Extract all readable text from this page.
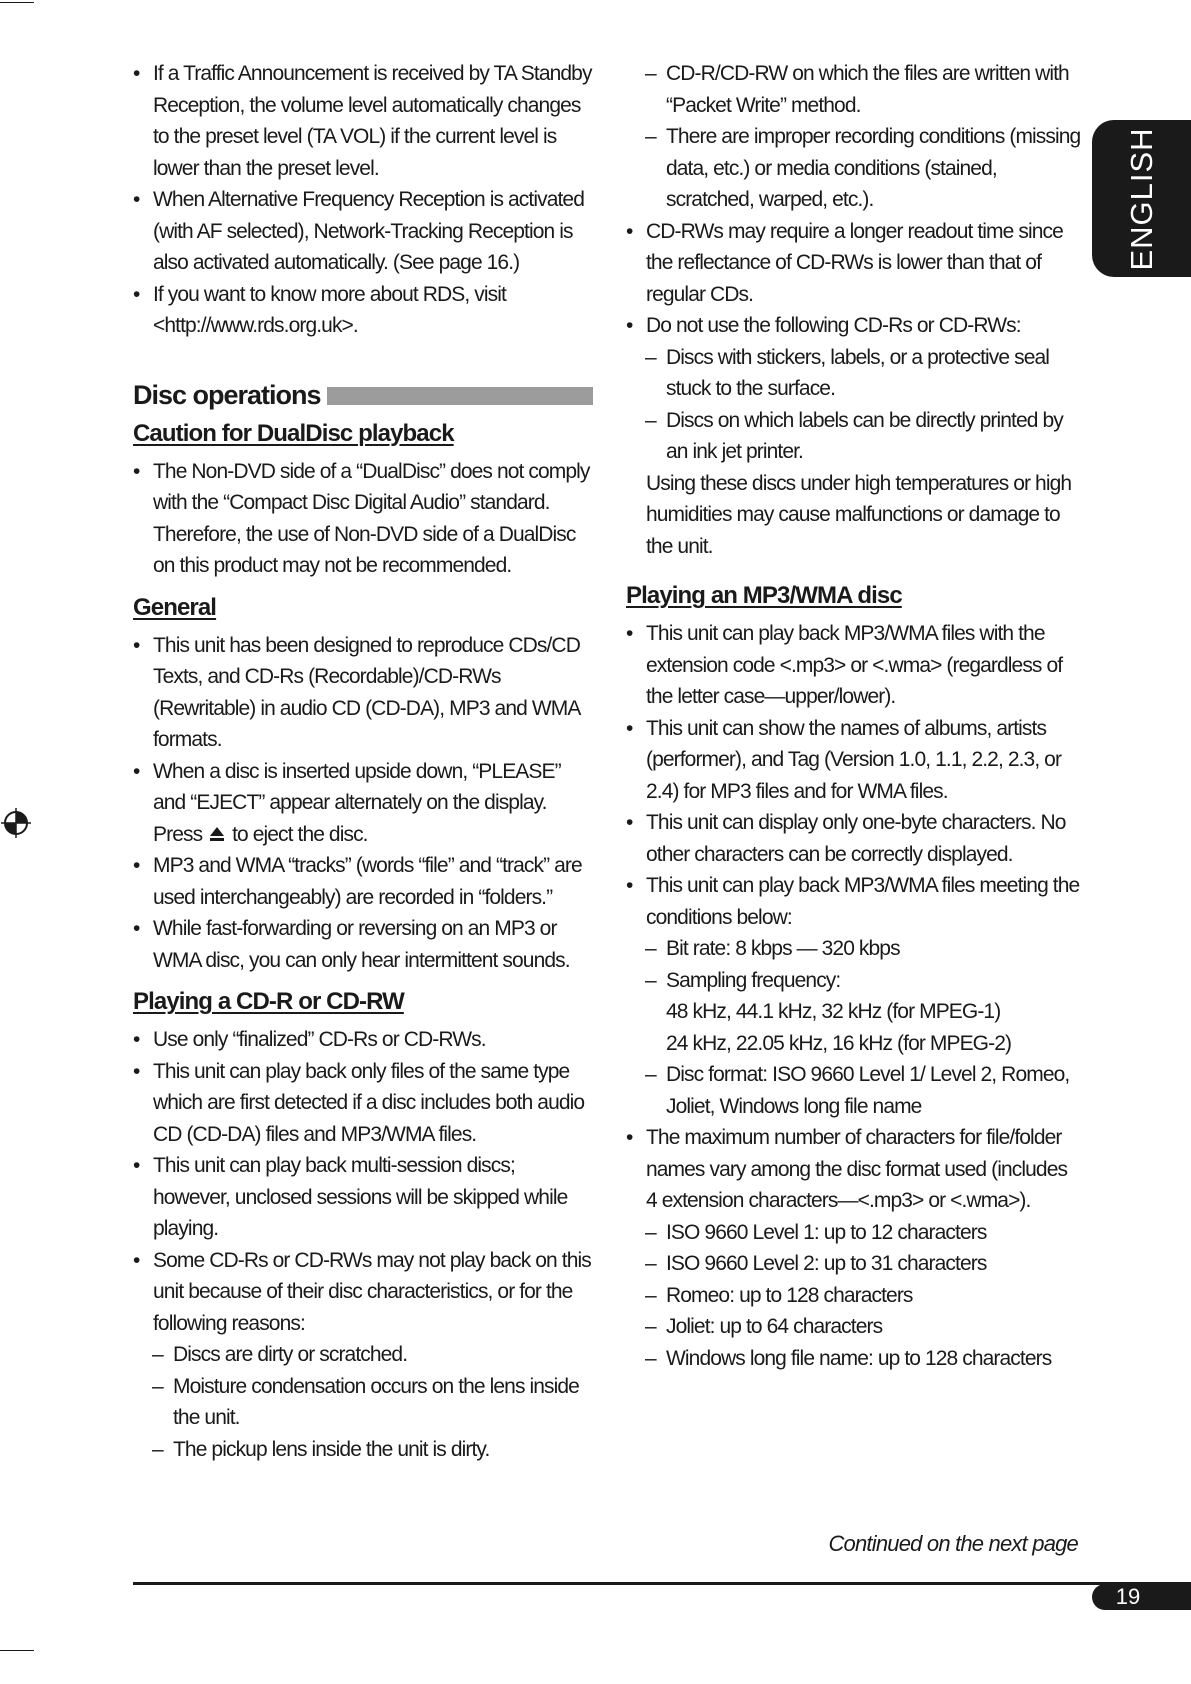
• If a Traffic Announcement is received by TA Standby Reception, the volume level automatically changes to the preset level (TA VOL) if the current level is lower than the preset level.
• When Alternative Frequency Reception is activated (with AF selected), Network-Tracking Reception is also activated automatically. (See page 16.)
• If you want to know more about RDS, visit <http://www.rds.org.uk>.
Disc operations
Caution for DualDisc playback
• The Non-DVD side of a “DualDisc” does not comply with the “Compact Disc Digital Audio” standard. Therefore, the use of Non-DVD side of a DualDisc on this product may not be recommended.
General
• This unit has been designed to reproduce CDs/CD Texts, and CD-Rs (Recordable)/CD-RWs (Rewritable) in audio CD (CD-DA), MP3 and WMA formats.
• When a disc is inserted upside down, “PLEASE” and “EJECT” appear alternately on the display. Press to eject the disc.
• MP3 and WMA “tracks” (words “file” and “track” are used interchangeably) are recorded in “folders.”
• While fast-forwarding or reversing on an MP3 or WMA disc, you can only hear intermittent sounds.
Playing a CD-R or CD-RW
• Use only “finalized” CD-Rs or CD-RWs.
• This unit can play back only files of the same type which are first detected if a disc includes both audio CD (CD-DA) files and MP3/WMA files.
• This unit can play back multi-session discs; however, unclosed sessions will be skipped while playing.
• Some CD-Rs or CD-RWs may not play back on this unit because of their disc characteristics, or for the following reasons:
– Discs are dirty or scratched.
– Moisture condensation occurs on the lens inside the unit.
– The pickup lens inside the unit is dirty.
– CD-R/CD-RW on which the files are written with “Packet Write” method.
– There are improper recording conditions (missing data, etc.) or media conditions (stained, scratched, warped, etc.).
• CD-RWs may require a longer readout time since the reflectance of CD-RWs is lower than that of regular CDs.
• Do not use the following CD-Rs or CD-RWs:
– Discs with stickers, labels, or a protective seal stuck to the surface.
– Discs on which labels can be directly printed by an ink jet printer.
Using these discs under high temperatures or high humidities may cause malfunctions or damage to the unit.
Playing an MP3/WMA disc
• This unit can play back MP3/WMA files with the extension code <.mp3> or <.wma> (regardless of the letter case—upper/lower).
• This unit can show the names of albums, artists (performer), and Tag (Version 1.0, 1.1, 2.2, 2.3, or 2.4) for MP3 files and for WMA files.
• This unit can display only one-byte characters. No other characters can be correctly displayed.
• This unit can play back MP3/WMA files meeting the conditions below:
– Bit rate: 8 kbps — 320 kbps
– Sampling frequency:
48 kHz, 44.1 kHz, 32 kHz (for MPEG-1)
24 kHz, 22.05 kHz, 16 kHz (for MPEG-2)
– Disc format: ISO 9660 Level 1/ Level 2, Romeo, Joliet, Windows long file name
• The maximum number of characters for file/folder names vary among the disc format used (includes 4 extension characters—<.mp3> or <.wma>).
– ISO 9660 Level 1: up to 12 characters
– ISO 9660 Level 2: up to 31 characters
– Romeo: up to 128 characters
– Joliet: up to 64 characters
– Windows long file name: up to 128 characters
ENGLISH
Continued on the next page
19
